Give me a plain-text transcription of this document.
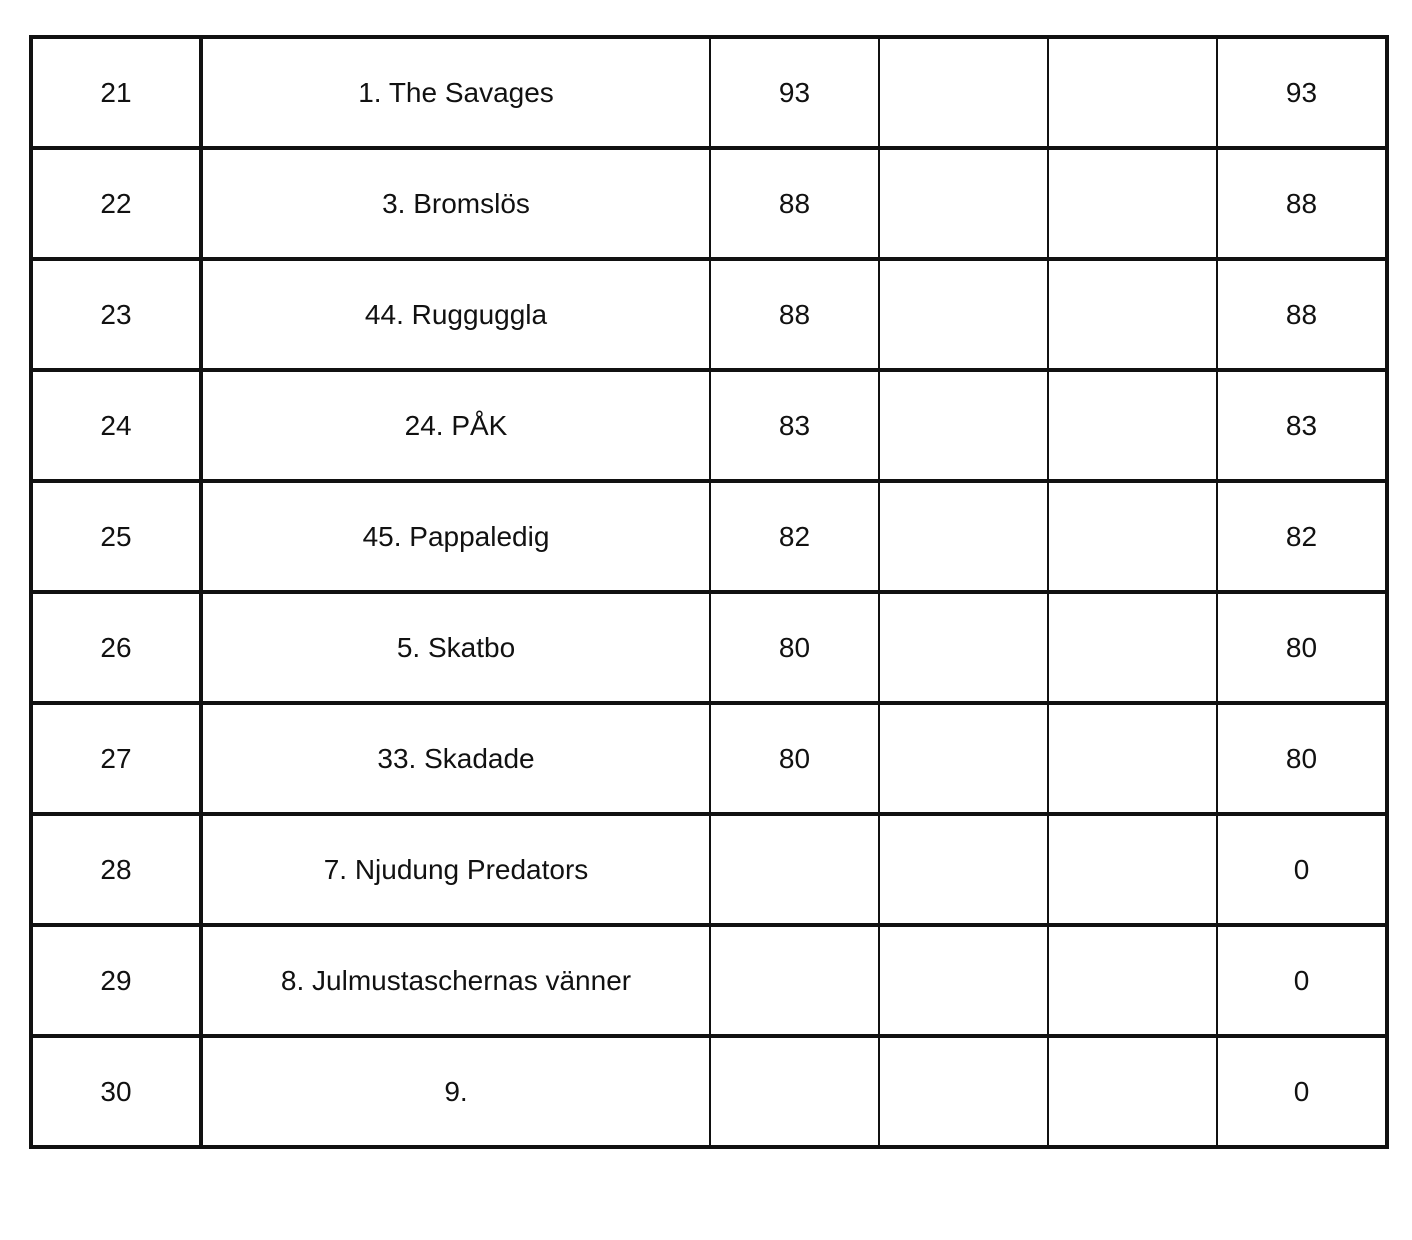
21	1. The Savages	93			93
22	3. Bromslös	88			88
23	44. Rugguggla	88			88
24	24. PÅK	83			83
25	45. Pappaledig	82			82
26	5. Skatbo	80			80
27	33. Skadade	80			80
28	7. Njudung Predators				0
29	8. Julmustaschernas vänner				0
30	9.				0
